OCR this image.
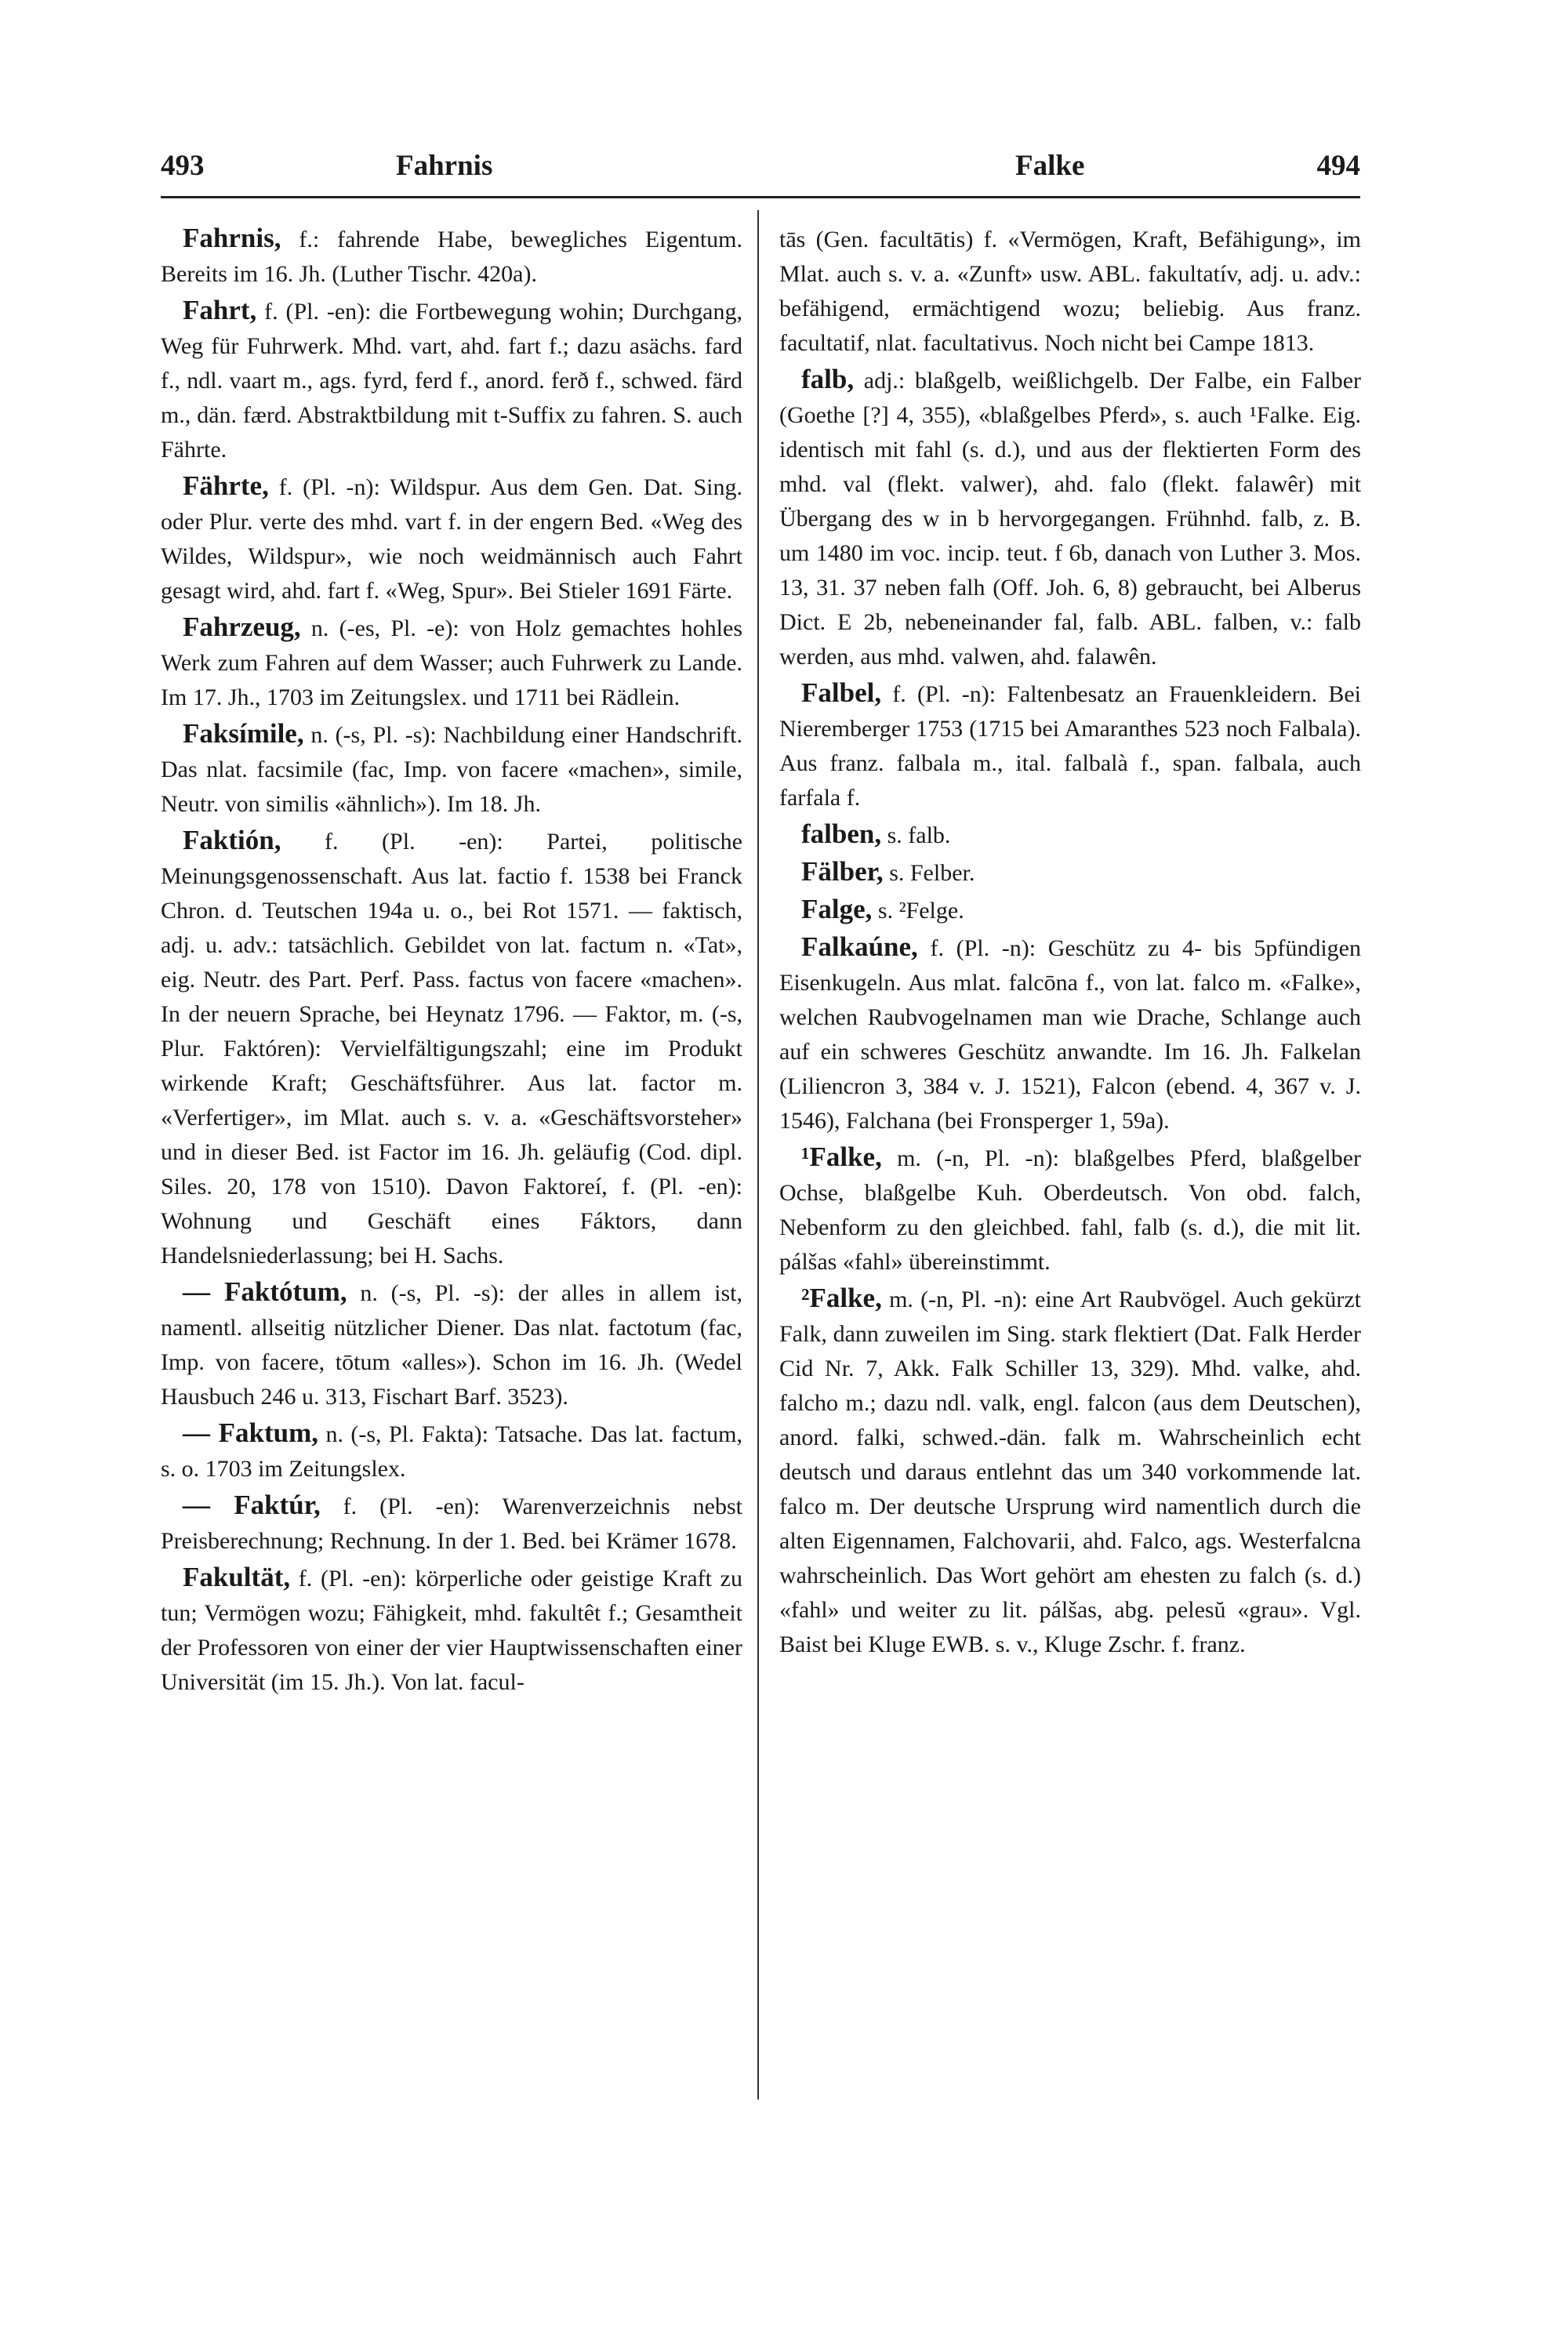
493	Fahrnis	Falke	494

Fahrnis, f.: fahrende Habe, bewegliches Eigentum. Bereits im 16. Jh. (Luther Tischr. 420a).

Fahrt, f. (Pl. -en): die Fortbewegung wohin; Durchgang, Weg für Fuhrwerk. Mhd. vart, ahd. fart f.; dazu asächs. fard f., ndl. vaart m., ags. fyrd, ferd f., anord. ferð f., schwed. färd m., dän. færd. Abstraktbildung mit t-Suffix zu fahren. S. auch Fährte.

Fährte, f. (Pl. -n): Wildspur. Aus dem Gen. Dat. Sing. oder Plur. verte des mhd. vart f. in der engern Bed. «Weg des Wildes, Wildspur», wie noch weidmännisch auch Fahrt gesagt wird, ahd. fart f. «Weg, Spur». Bei Stieler 1691 Färte.

Fahrzeug, n. (-es, Pl. -e): von Holz gemachtes hohles Werk zum Fahren auf dem Wasser; auch Fuhrwerk zu Lande. Im 17. Jh., 1703 im Zeitungslex. und 1711 bei Rädlein.

Faksímile, n. (-s, Pl. -s): Nachbildung einer Handschrift. Das nlat. facsimile (fac, Imp. von facere «machen», simile, Neutr. von similis «ähnlich»). Im 18. Jh.

Faktión, f. (Pl. -en): Partei, politische Meinungsgenossenschaft. Aus lat. factio f. 1538 bei Franck Chron. d. Teutschen 194a u. o., bei Rot 1571. — faktisch, adj. u. adv.: tatsächlich. Gebildet von lat. factum n. «Tat», eig. Neutr. des Part. Perf. Pass. factus von facere «machen». In der neuern Sprache, bei Heynatz 1796. — Faktor, m. (-s, Plur. Faktóren): Vervielfältigungszahl; eine im Produkt wirkende Kraft; Geschäftsführer. Aus lat. factor m. «Verfertiger», im Mlat. auch s. v. a. «Geschäftsvorsteher» und in dieser Bed. ist Factor im 16. Jh. geläufig (Cod. dipl. Siles. 20, 178 von 1510). Davon Faktoreí, f. (Pl. -en): Wohnung und Geschäft eines Fáktors, dann Handelsniederlassung; bei H. Sachs.

— Faktótum, n. (-s, Pl. -s): der alles in allem ist, namentl. allseitig nützlicher Diener. Das nlat. factotum (fac, Imp. von facere, tōtum «alles»). Schon im 16. Jh. (Wedel Hausbuch 246 u. 313, Fischart Barf. 3523).

— Faktum, n. (-s, Pl. Fakta): Tatsache. Das lat. factum, s. o. 1703 im Zeitungslex.

— Faktúr, f. (Pl. -en): Warenverzeichnis nebst Preisberechnung; Rechnung. In der 1. Bed. bei Krämer 1678.

Fakultät, f. (Pl. -en): körperliche oder geistige Kraft zu tun; Vermögen wozu; Fähigkeit, mhd. fakultêt f.; Gesamtheit der Professoren von einer der vier Hauptwissenschaften einer Universität (im 15. Jh.). Von lat. facul-

tās (Gen. facultātis) f. «Vermögen, Kraft, Befähigung», im Mlat. auch s. v. a. «Zunft» usw. ABL. fakultatív, adj. u. adv.: befähigend, ermächtigend wozu; beliebig. Aus franz. facultatif, nlat. facultativus. Noch nicht bei Campe 1813.

falb, adj.: blaßgelb, weißlichgelb. Der Falbe, ein Falber (Goethe [?] 4, 355), «blaßgelbes Pferd», s. auch ¹Falke. Eig. identisch mit fahl (s. d.), und aus der flektierten Form des mhd. val (flekt. valwer), ahd. falo (flekt. falawêr) mit Übergang des w in b hervorgegangen. Frühnhd. falb, z. B. um 1480 im voc. incip. teut. f 6b, danach von Luther 3. Mos. 13, 31. 37 neben falh (Off. Joh. 6, 8) gebraucht, bei Alberus Dict. E 2b, nebeneinander fal, falb. ABL. falben, v.: falb werden, aus mhd. valwen, ahd. falawên.

Falbel, f. (Pl. -n): Faltenbesatz an Frauenkleidern. Bei Nieremberger 1753 (1715 bei Amaranthes 523 noch Falbala). Aus franz. falbala m., ital. falbalà f., span. falbala, auch farfala f.

falben, s. falb.

Fälber, s. Felber.

Falge, s. ²Felge.

Falkaúne, f. (Pl. -n): Geschütz zu 4- bis 5pfündigen Eisenkugeln. Aus mlat. falcōna f., von lat. falco m. «Falke», welchen Raubvogelnamen man wie Drache, Schlange auch auf ein schweres Geschütz anwandte. Im 16. Jh. Falkelan (Liliencron 3, 384 v. J. 1521), Falcon (ebend. 4, 367 v. J. 1546), Falchana (bei Fronsperger 1, 59a).

¹Falke, m. (-n, Pl. -n): blaßgelbes Pferd, blaßgelber Ochse, blaßgelbe Kuh. Oberdeutsch. Von obd. falch, Nebenform zu den gleichbed. fahl, falb (s. d.), die mit lit. pálšas «fahl» übereinstimmt.

²Falke, m. (-n, Pl. -n): eine Art Raubvögel. Auch gekürzt Falk, dann zuweilen im Sing. stark flektiert (Dat. Falk Herder Cid Nr. 7, Akk. Falk Schiller 13, 329). Mhd. valke, ahd. falcho m.; dazu ndl. valk, engl. falcon (aus dem Deutschen), anord. falki, schwed.-dän. falk m. Wahrscheinlich echt deutsch und daraus entlehnt das um 340 vorkommende lat. falco m. Der deutsche Ursprung wird namentlich durch die alten Eigennamen, Falchovarii, ahd. Falco, ags. Westerfalcna wahrscheinlich. Das Wort gehört am ehesten zu falch (s. d.) «fahl» und weiter zu lit. pálšas, abg. pelesŭ «grau». Vgl. Baist bei Kluge EWB. s. v., Kluge Zschr. f. franz.
